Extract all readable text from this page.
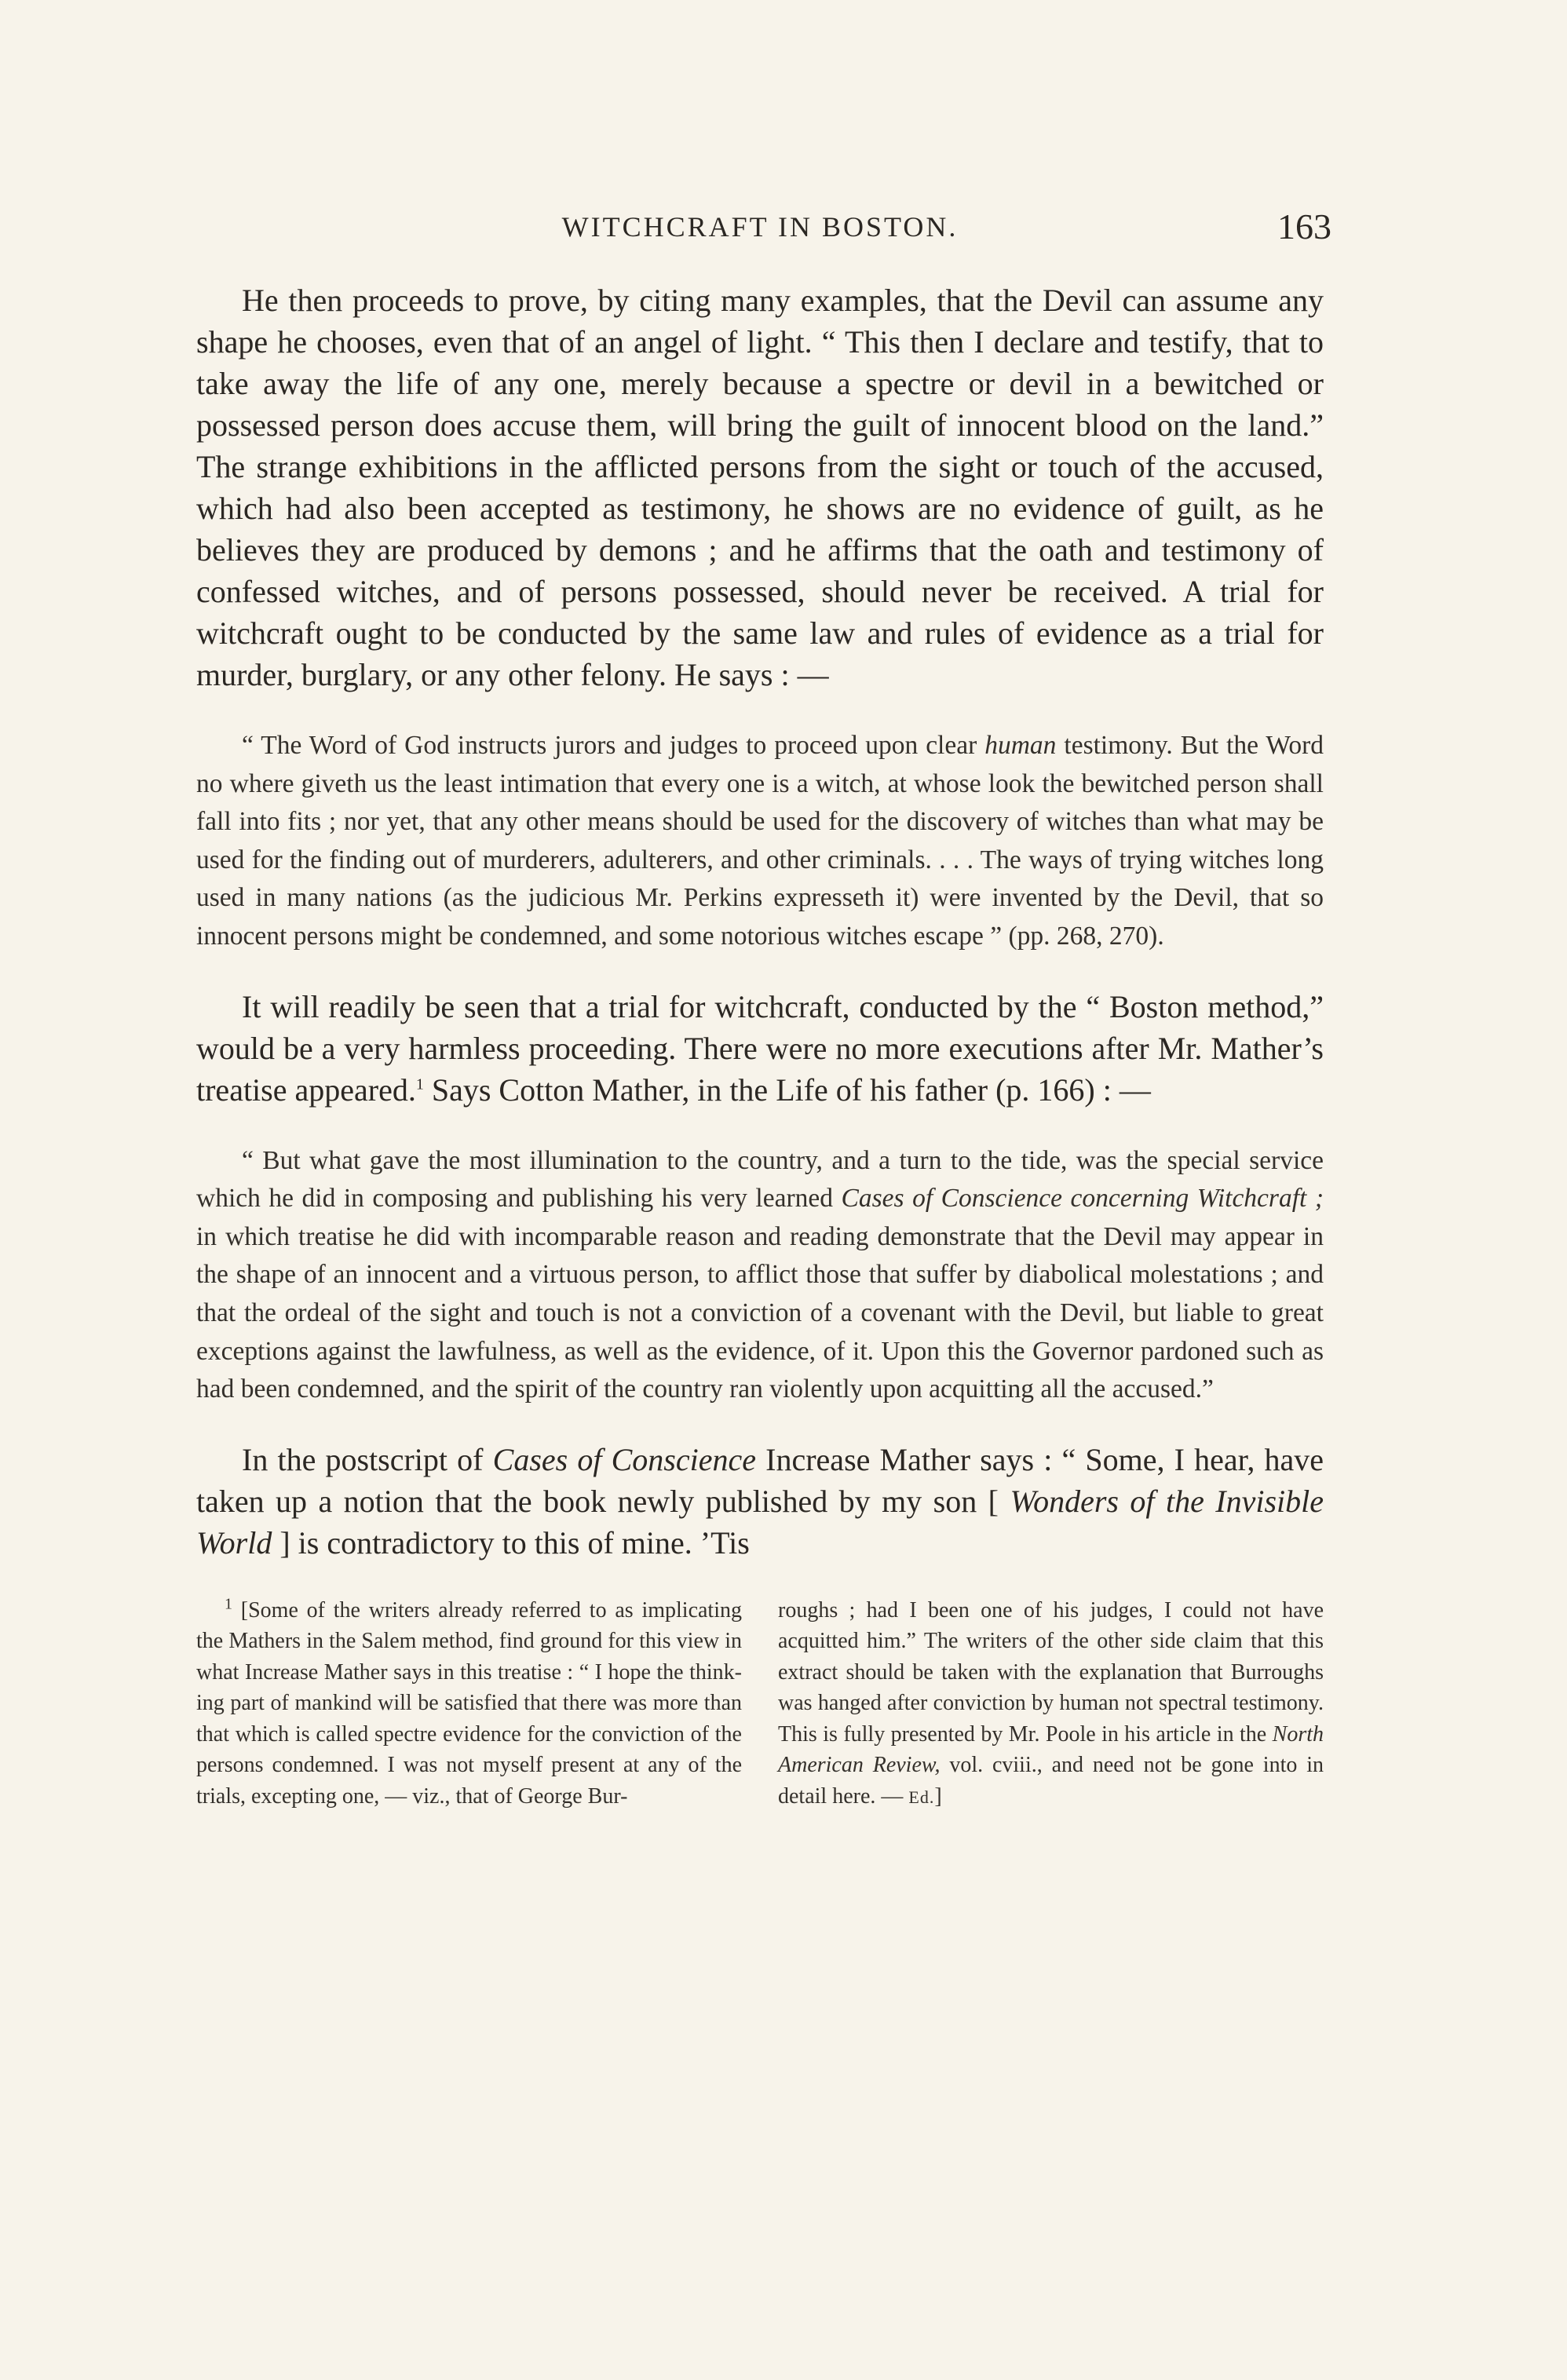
WITCHCRAFT IN BOSTON.	163

He then proceeds to prove, by citing many examples, that the Devil can assume any shape he chooses, even that of an angel of light. “ This then I declare and testify, that to take away the life of any one, merely because a spectre or devil in a bewitched or possessed person does accuse them, will bring the guilt of innocent blood on the land.” The strange exhibitions in the afflicted persons from the sight or touch of the accused, which had also been accepted as testimony, he shows are no evidence of guilt, as he believes they are produced by demons ; and he affirms that the oath and testimony of confessed witches, and of persons possessed, should never be received. A trial for witchcraft ought to be conducted by the same law and rules of evidence as a trial for murder, burglary, or any other felony. He says : —

“ The Word of God instructs jurors and judges to proceed upon clear human testimony. But the Word no where giveth us the least intimation that every one is a witch, at whose look the bewitched person shall fall into fits ; nor yet, that any other means should be used for the discovery of witches than what may be used for the finding out of murderers, adulterers, and other criminals. . . . The ways of trying witches long used in many nations (as the judicious Mr. Perkins expresseth it) were invented by the Devil, that so innocent persons might be condemned, and some notorious witches escape ” (pp. 268, 270).

It will readily be seen that a trial for witchcraft, conducted by the “ Boston method,” would be a very harmless proceeding. There were no more executions after Mr. Mather’s treatise appeared.$^1$ Says Cotton Mather, in the Life of his father (p. 166) : —

“ But what gave the most illumination to the country, and a turn to the tide, was the special service which he did in composing and publishing his very learned Cases of Conscience concerning Witchcraft ; in which treatise he did with incomparable reason and reading demonstrate that the Devil may appear in the shape of an innocent and a virtuous person, to afflict those that suffer by diabolical molestations ; and that the ordeal of the sight and touch is not a conviction of a covenant with the Devil, but liable to great exceptions against the lawfulness, as well as the evidence, of it. Upon this the Governor pardoned such as had been condemned, and the spirit of the country ran violently upon acquitting all the accused.”

In the postscript of Cases of Conscience Increase Mather says : “ Some, I hear, have taken up a notion that the book newly published by my son [ Wonders of the Invisible World ] is contradictory to this of mine. ’Tis

$^1$ [Some of the writers already referred to as implicating the Mathers in the Salem method, find ground for this view in what Increase Mather says in this treatise : “ I hope the thinking part of mankind will be satisfied that there was more than that which is called spectre evidence for the conviction of the persons condemned. I was not myself present at any of the trials, excepting one, — viz., that of George Bur-
roughs ; had I been one of his judges, I could not have acquitted him.” The writers of the other side claim that this extract should be taken with the explanation that Burroughs was hanged after conviction by human not spectral testimony. This is fully presented by Mr. Poole in his article in the North American Review, vol. cviii., and need not be gone into in detail here. — Ed.]
